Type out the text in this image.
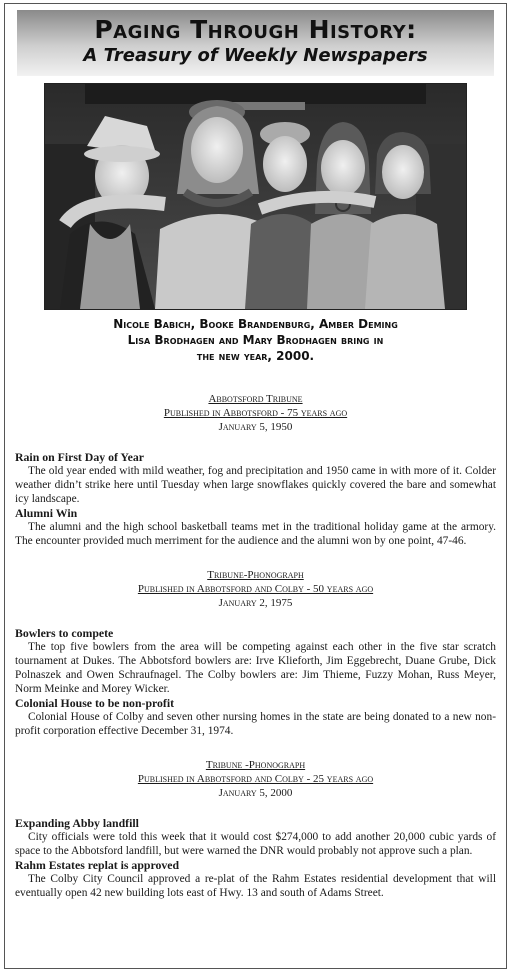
Paging Through History:
A Treasury of Weekly Newspapers
Nicole Babich, Booke Brandenburg, Amber Deming
Lisa Brodhagen and Mary Brodhagen bring in
the new year, 2000.
Abbotsford Tribune
Published in Abbotsford - 75 years ago
January 5, 1950
Rain on First Day of Year
The old year ended with mild weather, fog and precipitation and 1950 came in with more of it. Colder weather didn’t strike here until Tuesday when large snowflakes quickly covered the bare and somewhat icy landscape.
Alumni Win
The alumni and the high school basketball teams met in the traditional holiday game at the armory. The encounter provided much merriment for the audience and the alumni won by one point, 47-46.
Tribune-Phonograph
Published in Abbotsford and Colby - 50 years ago
January 2, 1975
Bowlers to compete
The top five bowlers from the area will be competing against each other in the five star scratch tournament at Dukes. The Abbotsford bowlers are: Irve Klieforth, Jim Eggebrecht, Duane Grube, Dick Polnaszek and Owen Schraufnagel. The Colby bowlers are: Jim Thieme, Fuzzy Mohan, Russ Meyer, Norm Meinke and Morey Wicker.
Colonial House to be non-profit
Colonial House of Colby and seven other nursing homes in the state are being donated to a new non-profit corporation effective December 31, 1974.
Tribune -Phonograph
Published in Abbotsford and Colby - 25 years ago
January 5, 2000
Expanding Abby landfill
City officials were told this week that it would cost $274,000 to add another 20,000 cubic yards of space to the Abbotsford landfill, but were warned the DNR would probably not approve such a plan.
Rahm Estates replat is approved
The Colby City Council approved a re-plat of the Rahm Estates residential development that will eventually open 42 new building lots east of Hwy. 13 and south of Adams Street.
